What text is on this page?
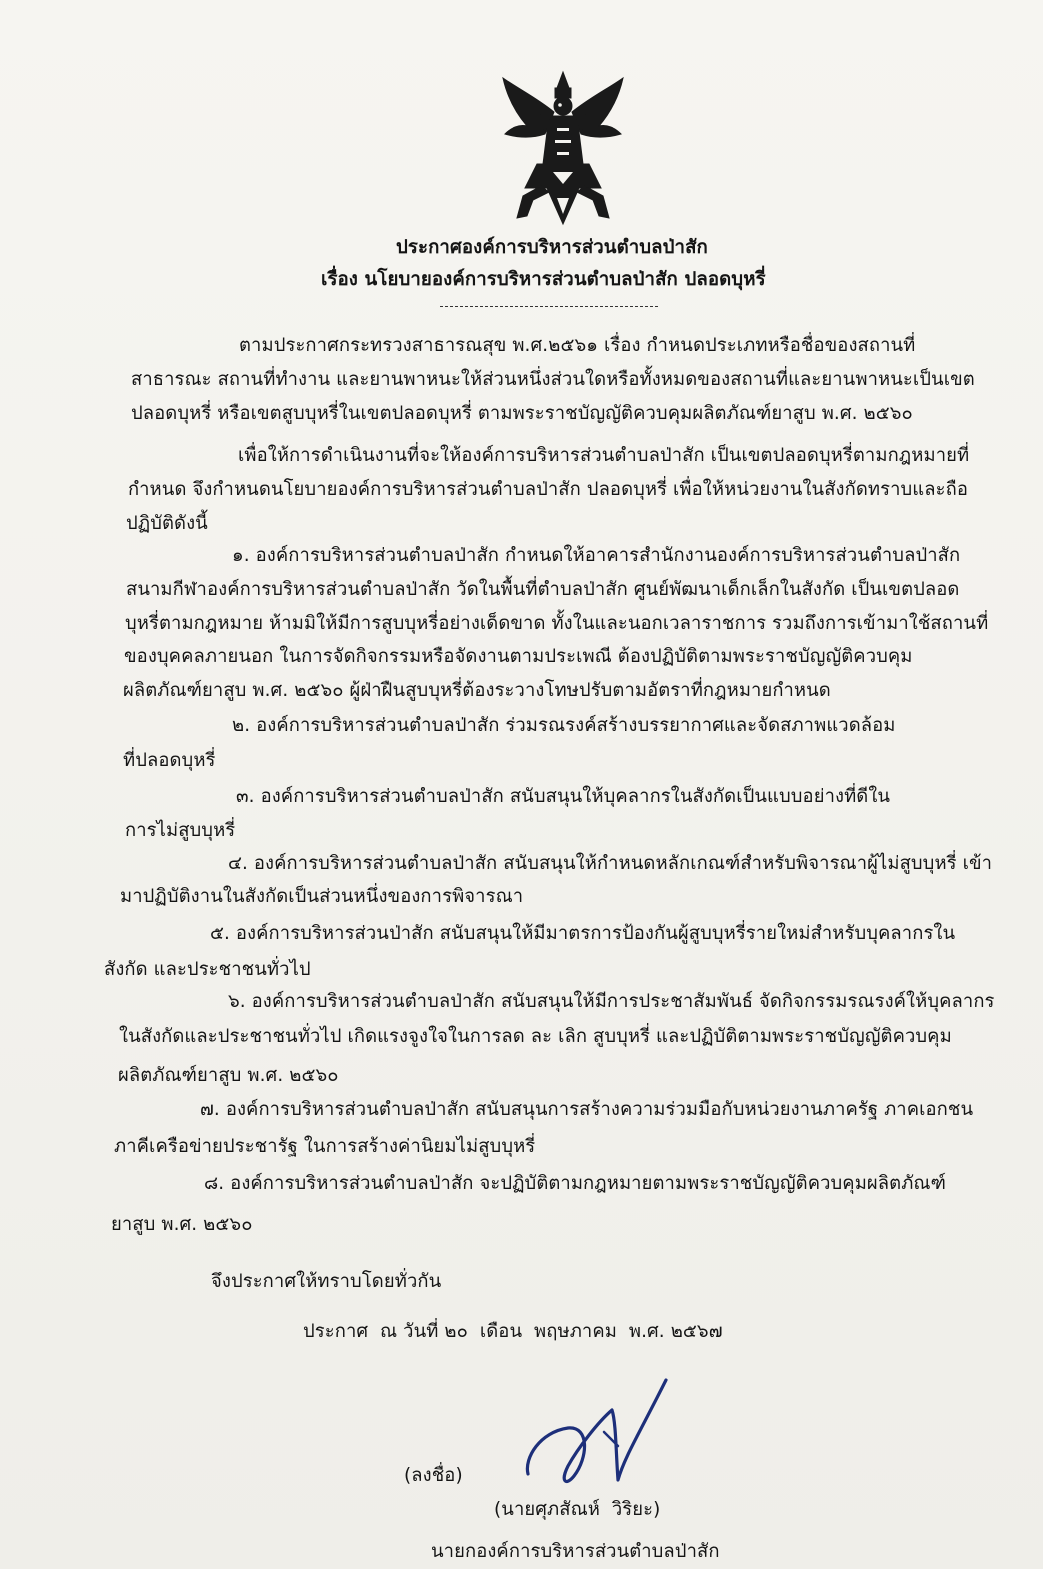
ประกาศองค์การบริหารส่วนตำบลป่าสัก
เรื่อง นโยบายองค์การบริหารส่วนตำบลป่าสัก ปลอดบุหรี่
ตามประกาศกระทรวงสาธารณสุข พ.ศ.๒๕๖๑ เรื่อง กำหนดประเภทหรือชื่อของสถานที่
สาธารณะ สถานที่ทำงาน และยานพาหนะให้ส่วนหนึ่งส่วนใดหรือทั้งหมดของสถานที่และยานพาหนะเป็นเขต
ปลอดบุหรี่ หรือเขตสูบบุหรี่ในเขตปลอดบุหรี่ ตามพระราชบัญญัติควบคุมผลิตภัณฑ์ยาสูบ พ.ศ. ๒๕๖๐
เพื่อให้การดำเนินงานที่จะให้องค์การบริหารส่วนตำบลป่าสัก เป็นเขตปลอดบุหรี่ตามกฎหมายที่
กำหนด จึงกำหนดนโยบายองค์การบริหารส่วนตำบลป่าสัก ปลอดบุหรี่ เพื่อให้หน่วยงานในสังกัดทราบและถือ
ปฏิบัติดังนี้
๑. องค์การบริหารส่วนตำบลป่าสัก กำหนดให้อาคารสำนักงานองค์การบริหารส่วนตำบลป่าสัก
สนามกีฬาองค์การบริหารส่วนตำบลป่าสัก วัดในพื้นที่ตำบลป่าสัก ศูนย์พัฒนาเด็กเล็กในสังกัด เป็นเขตปลอด
บุหรี่ตามกฎหมาย ห้ามมิให้มีการสูบบุหรี่อย่างเด็ดขาด ทั้งในและนอกเวลาราชการ รวมถึงการเข้ามาใช้สถานที่
ของบุคคลภายนอก ในการจัดกิจกรรมหรือจัดงานตามประเพณี ต้องปฏิบัติตามพระราชบัญญัติควบคุม
ผลิตภัณฑ์ยาสูบ พ.ศ. ๒๕๖๐ ผู้ฝ่าฝืนสูบบุหรี่ต้องระวางโทษปรับตามอัตราที่กฎหมายกำหนด
๒. องค์การบริหารส่วนตำบลป่าสัก ร่วมรณรงค์สร้างบรรยากาศและจัดสภาพแวดล้อม
ที่ปลอดบุหรี่
๓. องค์การบริหารส่วนตำบลป่าสัก สนับสนุนให้บุคลากรในสังกัดเป็นแบบอย่างที่ดีใน
การไม่สูบบุหรี่
๔. องค์การบริหารส่วนตำบลป่าสัก สนับสนุนให้กำหนดหลักเกณฑ์สำหรับพิจารณาผู้ไม่สูบบุหรี่ เข้า
มาปฏิบัติงานในสังกัดเป็นส่วนหนึ่งของการพิจารณา
๕. องค์การบริหารส่วนป่าสัก สนับสนุนให้มีมาตรการป้องกันผู้สูบบุหรี่รายใหม่สำหรับบุคลากรใน
สังกัด และประชาชนทั่วไป
๖. องค์การบริหารส่วนตำบลป่าสัก สนับสนุนให้มีการประชาสัมพันธ์ จัดกิจกรรมรณรงค์ให้บุคลากร
ในสังกัดและประชาชนทั่วไป เกิดแรงจูงใจในการลด ละ เลิก สูบบุหรี่ และปฏิบัติตามพระราชบัญญัติควบคุม
ผลิตภัณฑ์ยาสูบ พ.ศ. ๒๕๖๐
๗. องค์การบริหารส่วนตำบลป่าสัก สนับสนุนการสร้างความร่วมมือกับหน่วยงานภาครัฐ ภาคเอกชน
ภาคีเครือข่ายประชารัฐ ในการสร้างค่านิยมไม่สูบบุหรี่
๘. องค์การบริหารส่วนตำบลป่าสัก จะปฏิบัติตามกฎหมายตามพระราชบัญญัติควบคุมผลิตภัณฑ์
ยาสูบ พ.ศ. ๒๕๖๐
จึงประกาศให้ทราบโดยทั่วกัน
ประกาศ  ณ วันที่ ๒๐  เดือน  พฤษภาคม  พ.ศ. ๒๕๖๗
(ลงชื่อ)
(นายศุภสัณห์  วิริยะ)
นายกองค์การบริหารส่วนตำบลป่าสัก
